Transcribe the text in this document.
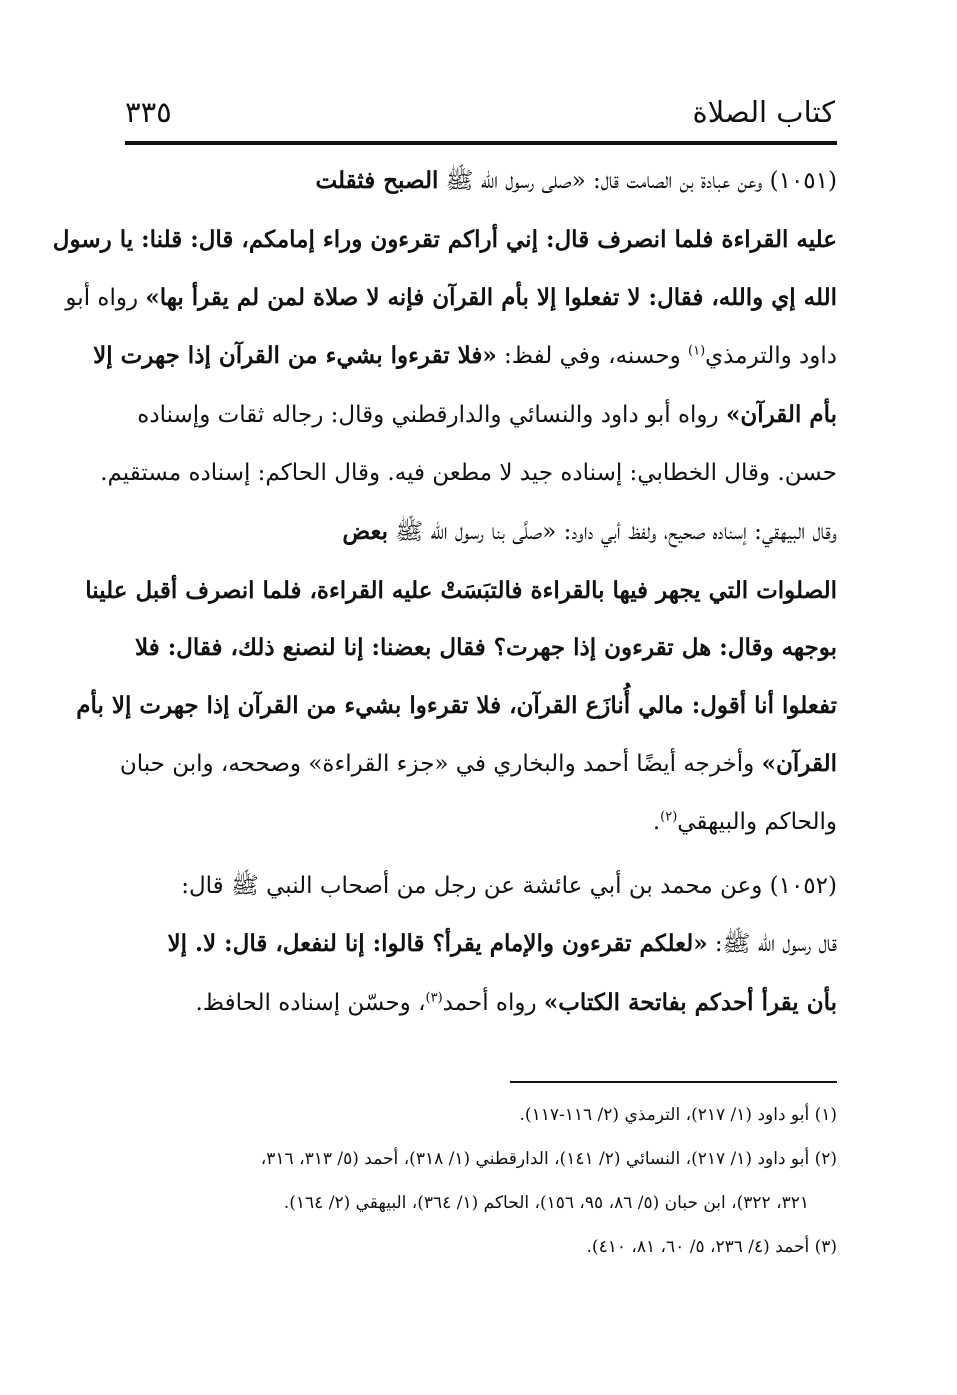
كتاب الصلاة
٣٣٥
(١٠٥١) وعن عبادة بن الصامت قال: «صلى رسول الله ﷺ الصبح فثقلت
عليه القراءة فلما انصرف قال: إني أراكم تقرءون وراء إمامكم، قال: قلنا: يا رسول
الله إي والله، فقال: لا تفعلوا إلا بأم القرآن فإنه لا صلاة لمن لم يقرأ بها» رواه أبو
داود والترمذي$^{(١)}$ وحسنه، وفي لفظ: «فلا تقرءوا بشيء من القرآن إذا جهرت إلا
بأم القرآن» رواه أبو داود والنسائي والدارقطني وقال: رجاله ثقات وإسناده
حسن. وقال الخطابي: إسناده جيد لا مطعن فيه. وقال الحاكم: إسناده مستقيم.
وقال البيهقي: إسناده صحيح، ولفظ أبي داود: «صلَّى بنا رسول الله ﷺ بعض
الصلوات التي يجهر فيها بالقراءة فالتبَسَتْ عليه القراءة، فلما انصرف أقبل علينا
بوجهه وقال: هل تقرءون إذا جهرت؟ فقال بعضنا: إنا لنصنع ذلك، فقال: فلا
تفعلوا أنا أقول: مالي أُنازَع القرآن، فلا تقرءوا بشيء من القرآن إذا جهرت إلا بأم
القرآن» وأخرجه أيضًا أحمد والبخاري في «جزء القراءة» وصححه، وابن حبان
والحاكم والبيهقي$^{(٢)}$.
(١٠٥٢) وعن محمد بن أبي عائشة عن رجل من أصحاب النبي ﷺ قال:
قال رسول الله ﷺ: «لعلكم تقرءون والإمام يقرأ؟ قالوا: إنا لنفعل، قال: لا. إلا
بأن يقرأ أحدكم بفاتحة الكتاب» رواه أحمد$^{(٣)}$، وحسّن إسناده الحافظ.
(١) أبو داود (١/ ٢١٧)، الترمذي (٢/ ١١٦-١١٧).
(٢) أبو داود (١/ ٢١٧)، النسائي (٢/ ١٤١)، الدارقطني (١/ ٣١٨)، أحمد (٥/ ٣١٣، ٣١٦،
٣٢١، ٣٢٢)، ابن حبان (٥/ ٨٦، ٩٥، ١٥٦)، الحاكم (١/ ٣٦٤)، البيهقي (٢/ ١٦٤).
(٣) أحمد (٤/ ٢٣٦، ٥/ ٦٠، ٨١، ٤١٠).
